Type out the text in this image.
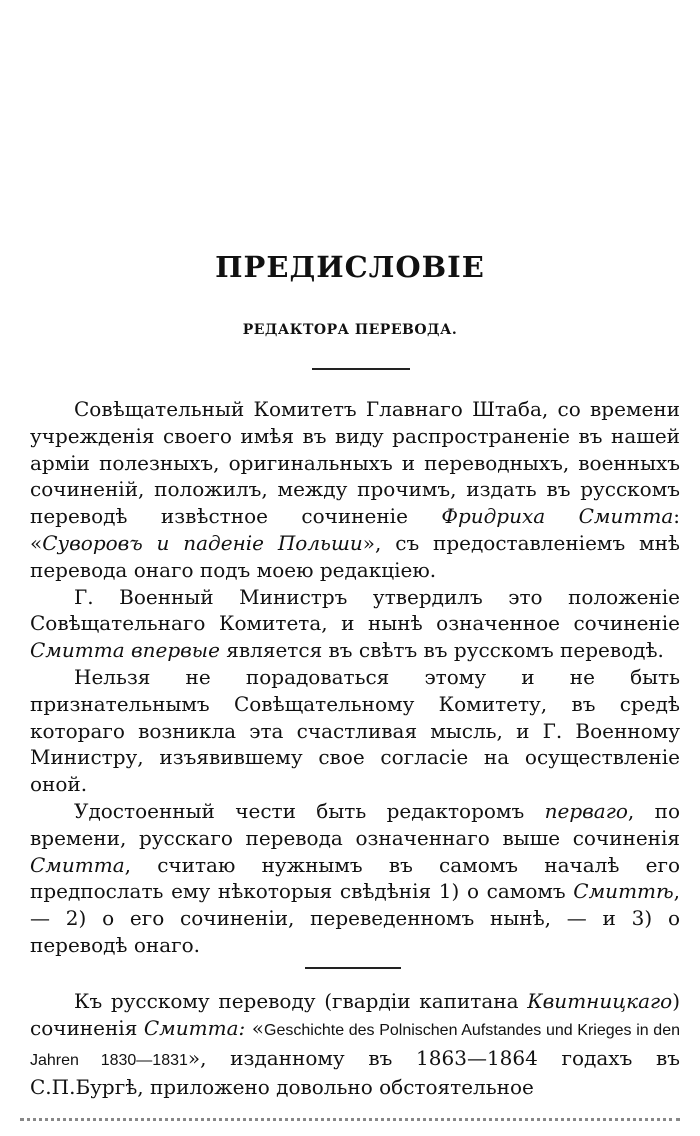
ПРЕДИСЛОВІЕ
РЕДАКТОРА ПЕРЕВОДА.

Совѣщательный Комитетъ Главнаго Штаба, со времени учрежденія своего имѣя въ виду распространеніе въ нашей арміи полезныхъ, оригинальныхъ и переводныхъ, военныхъ сочиненій, положилъ, между прочимъ, издать въ русскомъ переводѣ извѣстное сочиненіе Фридриха Смитта: «Суворовъ и паденіе Польши», съ предоставленіемъ мнѣ перевода онаго подъ моею редакціею.

Г. Военный Министръ утвердилъ это положеніе Совѣщательнаго Комитета, и нынѣ означенное сочиненіе Смитта впервые является въ свѣтъ въ русскомъ переводѣ.

Нельзя не порадоваться этому и не быть признательнымъ Совѣщательному Комитету, въ средѣ котораго возникла эта счастливая мысль, и Г. Военному Министру, изъявившему свое согласіе на осуществленіе оной.

Удостоенный чести быть редакторомъ перваго, по времени, русскаго перевода означеннаго выше сочиненія Смитта, считаю нужнымъ въ самомъ началѣ его предпослать ему нѣкоторыя свѣдѣнія 1) о самомъ Смиттѣ, — 2) о его сочиненіи, переведенномъ нынѣ, — и 3) о переводѣ онаго.

Къ русскому переводу (гвардіи капитана Квитницкаго) сочиненія Смитта: «Geschichte des Polnischen Aufstandes und Krieges in den Jahren 1830—1831», изданному въ 1863—1864 годахъ въ С.П.Бургѣ, приложено довольно обстоятельное
